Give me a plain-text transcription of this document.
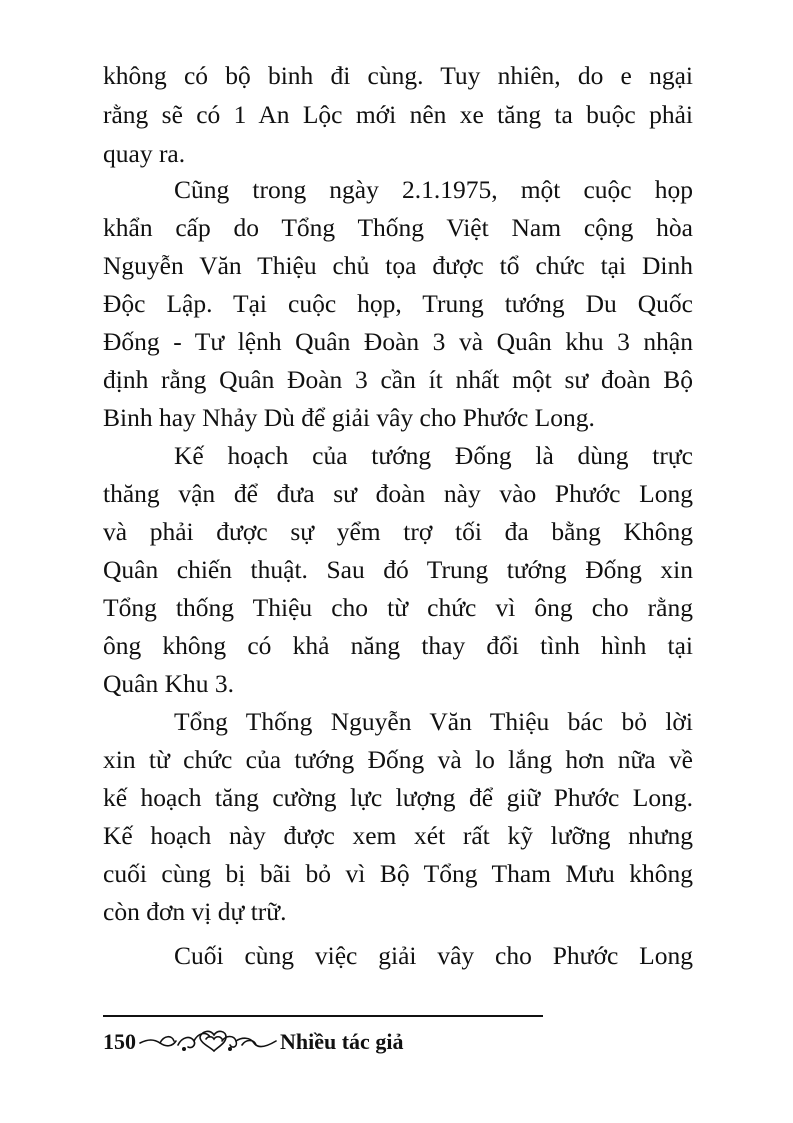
không có bộ binh đi cùng. Tuy nhiên, do e ngại
rằng sẽ có 1 An Lộc mới nên xe tăng ta buộc phải
quay ra.
Cũng trong ngày 2.1.1975, một cuộc họp
khẩn cấp do Tổng Thống Việt Nam cộng hòa
Nguyễn Văn Thiệu chủ tọa được tổ chức tại Dinh
Độc Lập. Tại cuộc họp, Trung tướng Du Quốc
Đống - Tư lệnh Quân Đoàn 3 và Quân khu 3 nhận
định rằng Quân Đoàn 3 cần ít nhất một sư đoàn Bộ
Binh hay Nhảy Dù để giải vây cho Phước Long.
Kế hoạch của tướng Đống là dùng trực
thăng vận để đưa sư đoàn này vào Phước Long
và phải được sự yểm trợ tối đa bằng Không
Quân chiến thuật. Sau đó Trung tướng Đống xin
Tổng thống Thiệu cho từ chức vì ông cho rằng
ông không có khả năng thay đổi tình hình tại
Quân Khu 3.
Tổng Thống Nguyễn Văn Thiệu bác bỏ lời
xin từ chức của tướng Đống và lo lắng hơn nữa về
kế hoạch tăng cường lực lượng để giữ Phước Long.
Kế hoạch này được xem xét rất kỹ lưỡng nhưng
cuối cùng bị bãi bỏ vì Bộ Tổng Tham Mưu không
còn đơn vị dự trữ.
Cuối cùng việc giải vây cho Phước Long
150	Nhiều tác giả
